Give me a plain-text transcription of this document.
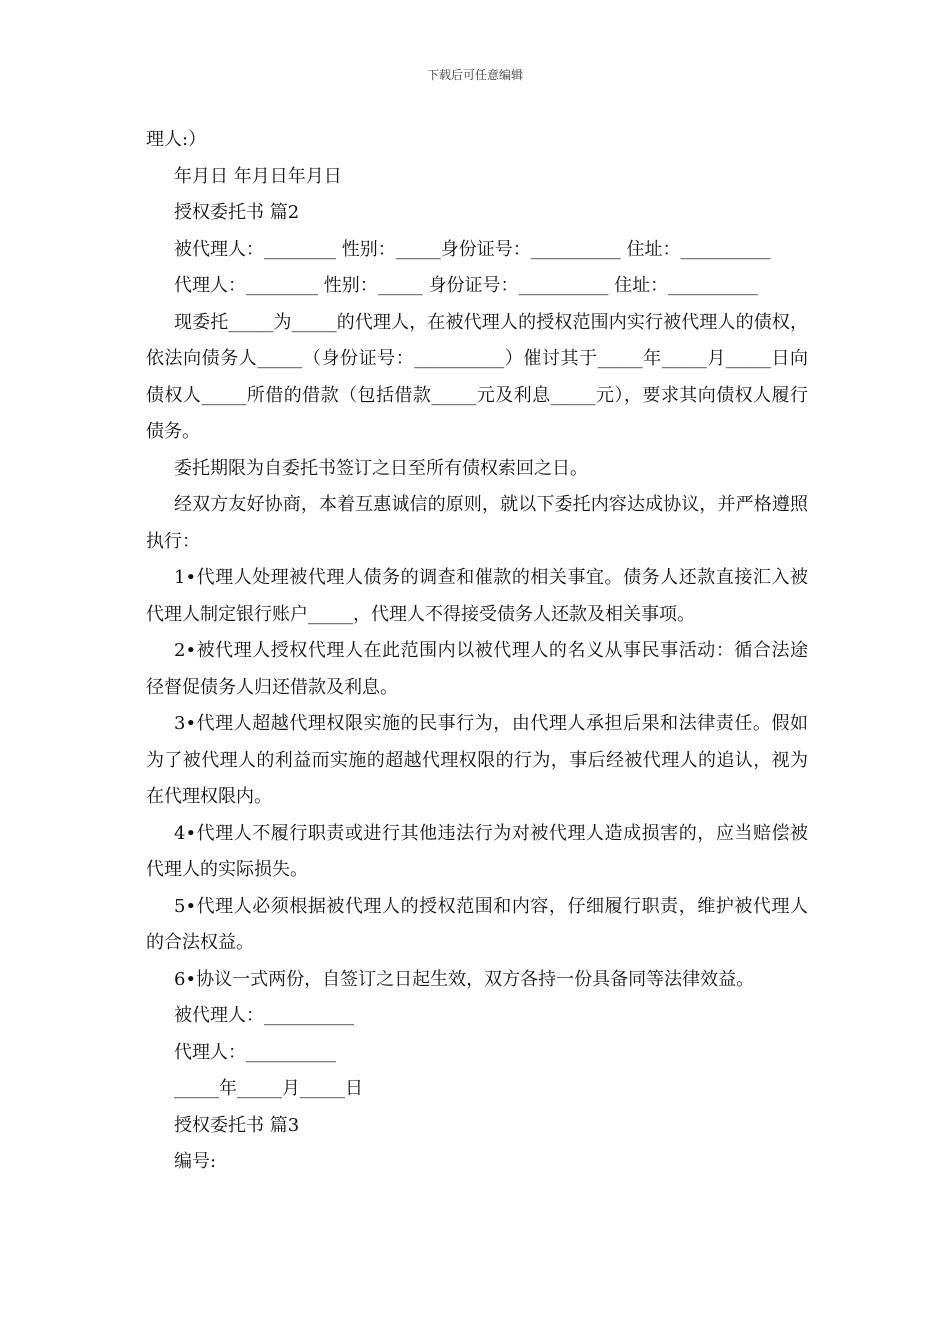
下载后可任意编辑

理人:）

年月日 年月日年月日

授权委托书 篇2

被代理人：________ 性别：_____身份证号：__________ 住址：__________

代理人：________ 性别：_____ 身份证号：__________ 住址：__________

现委托_____为_____的代理人，在被代理人的授权范围内实行被代理人的债权，依法向债务人_____（身份证号：__________）催讨其于_____年_____月_____日向债权人_____所借的借款（包括借款_____元及利息_____元），要求其向债权人履行债务。

委托期限为自委托书签订之日至所有债权索回之日。

经双方友好协商，本着互惠诚信的原则，就以下委托内容达成协议，并严格遵照执行：

1•代理人处理被代理人债务的调查和催款的相关事宜。债务人还款直接汇入被代理人制定银行账户_____，代理人不得接受债务人还款及相关事项。

2•被代理人授权代理人在此范围内以被代理人的名义从事民事活动：循合法途径督促债务人归还借款及利息。

3•代理人超越代理权限实施的民事行为，由代理人承担后果和法律责任。假如为了被代理人的利益而实施的超越代理权限的行为，事后经被代理人的追认，视为在代理权限内。

4•代理人不履行职责或进行其他违法行为对被代理人造成损害的，应当赔偿被代理人的实际损失。

5•代理人必须根据被代理人的授权范围和内容，仔细履行职责，维护被代理人的合法权益。

6•协议一式两份，自签订之日起生效，双方各持一份具备同等法律效益。

被代理人：__________

代理人：__________

_____年_____月_____日

授权委托书 篇3

编号:
